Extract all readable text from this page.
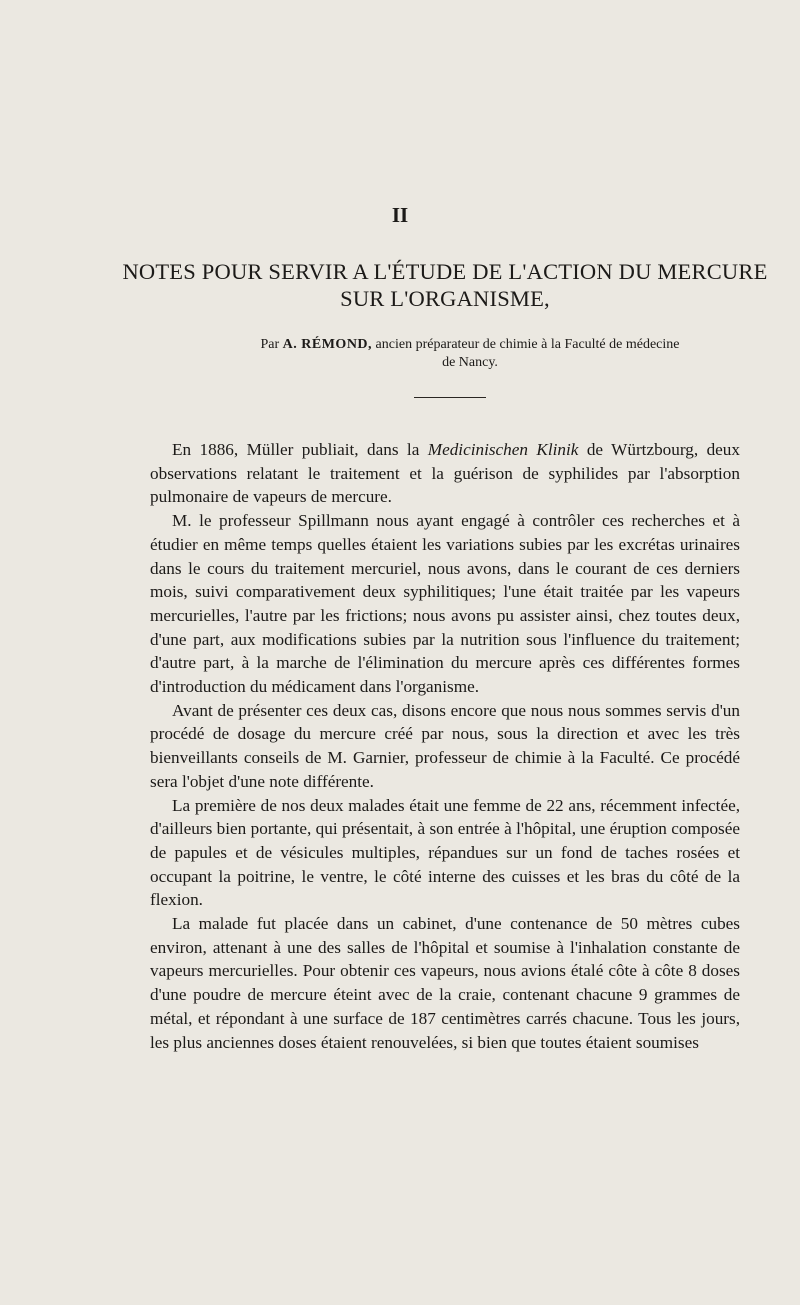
II
NOTES POUR SERVIR A L'ÉTUDE DE L'ACTION DU MERCURE
SUR L'ORGANISME,
Par A. RÉMOND, ancien préparateur de chimie à la Faculté de médecine
de Nancy.

En 1886, Müller publiait, dans la Medicinischen Klinik de Würtzbourg, deux observations relatant le traitement et la guérison de syphilides par l'absorption pulmonaire de vapeurs de mercure.

M. le professeur Spillmann nous ayant engagé à contrôler ces recherches et à étudier en même temps quelles étaient les variations subies par les excrétas urinaires dans le cours du traitement mercuriel, nous avons, dans le courant de ces derniers mois, suivi comparativement deux syphilitiques; l'une était traitée par les vapeurs mercurielles, l'autre par les frictions; nous avons pu assister ainsi, chez toutes deux, d'une part, aux modifications subies par la nutrition sous l'influence du traitement; d'autre part, à la marche de l'élimination du mercure après ces différentes formes d'introduction du médicament dans l'organisme.

Avant de présenter ces deux cas, disons encore que nous nous sommes servis d'un procédé de dosage du mercure créé par nous, sous la direction et avec les très bienveillants conseils de M. Garnier, professeur de chimie à la Faculté. Ce procédé sera l'objet d'une note différente.

La première de nos deux malades était une femme de 22 ans, récemment infectée, d'ailleurs bien portante, qui présentait, à son entrée à l'hôpital, une éruption composée de papules et de vésicules multiples, répandues sur un fond de taches rosées et occupant la poitrine, le ventre, le côté interne des cuisses et les bras du côté de la flexion.

La malade fut placée dans un cabinet, d'une contenance de 50 mètres cubes environ, attenant à une des salles de l'hôpital et soumise à l'inhalation constante de vapeurs mercurielles. Pour obtenir ces vapeurs, nous avions étalé côte à côte 8 doses d'une poudre de mercure éteint avec de la craie, contenant chacune 9 grammes de métal, et répondant à une surface de 187 centimètres carrés chacune. Tous les jours, les plus anciennes doses étaient renouvelées, si bien que toutes étaient soumises
